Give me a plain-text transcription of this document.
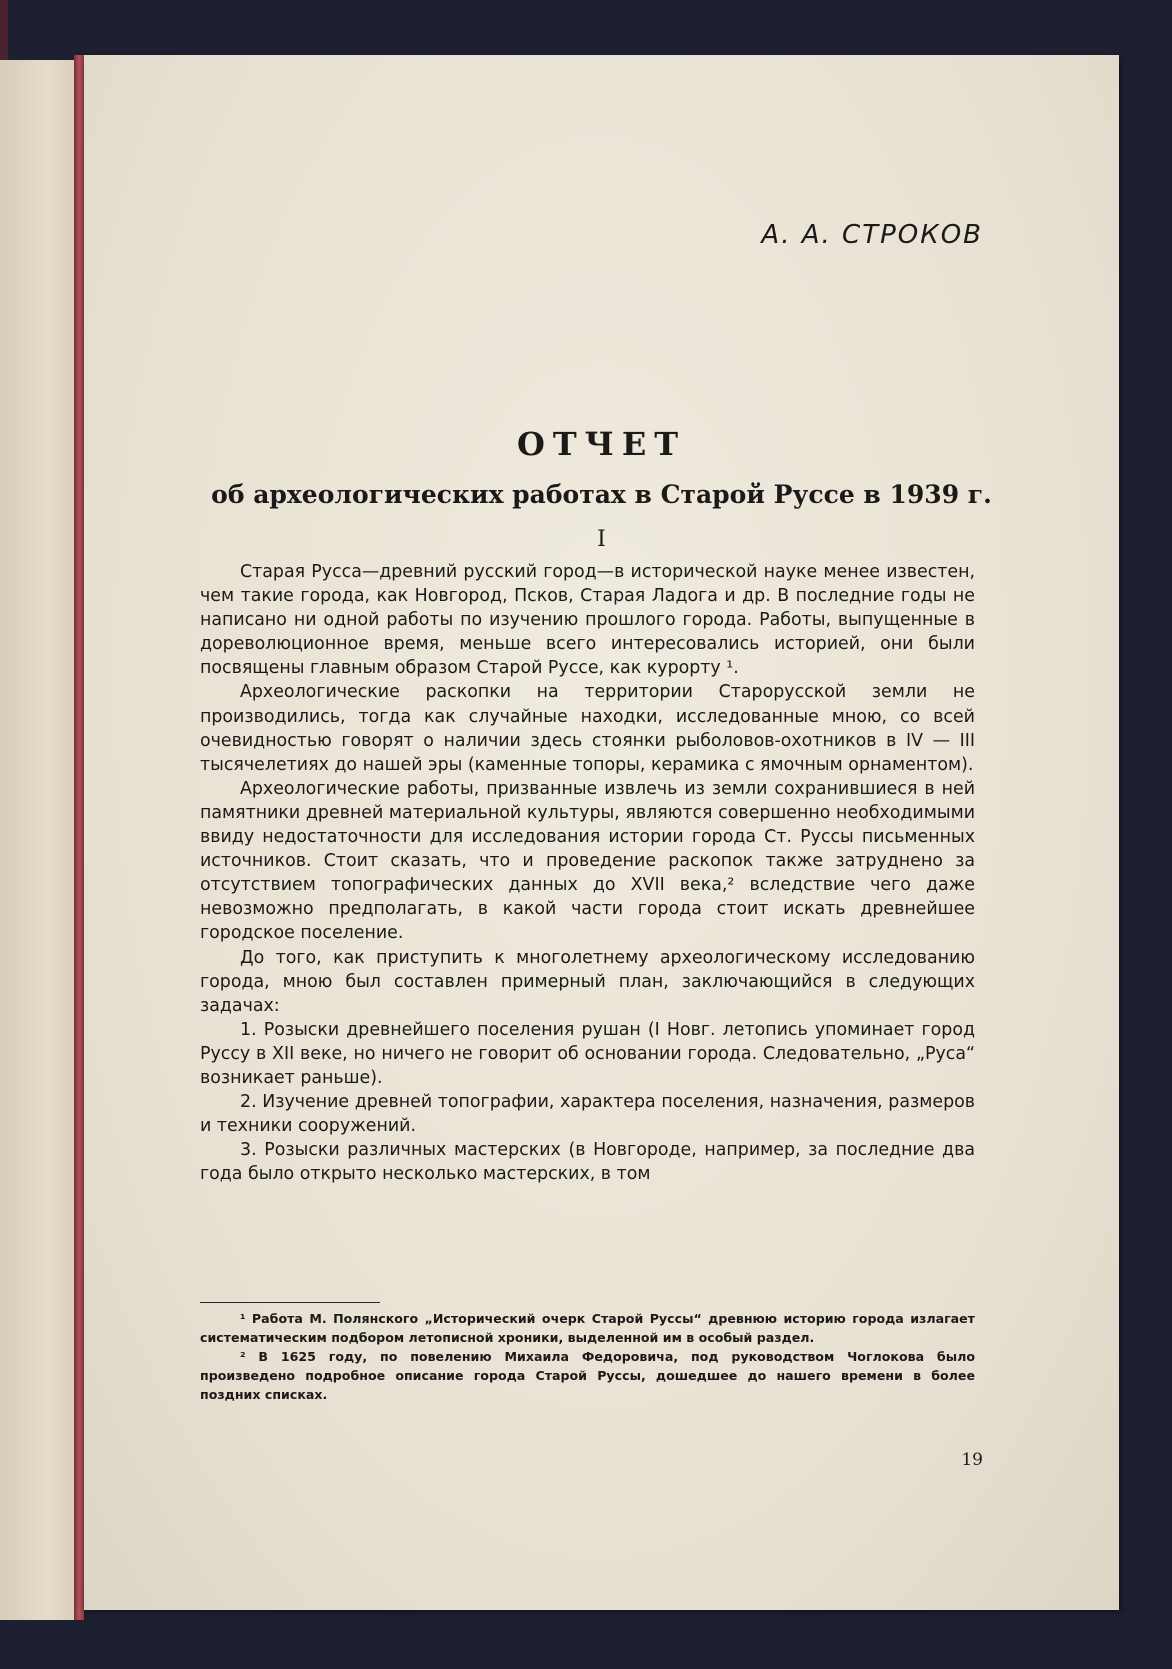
А. А. СТРОКОВ
ОТЧЕТ
об археологических работах в Старой Руссе в 1939 г.
I

Старая Русса—древний русский город—в исторической науке менее известен, чем такие города, как Новгород, Псков, Старая Ладога и др. В последние годы не написано ни одной работы по изучению прошлого города. Работы, выпущенные в дореволюционное время, меньше всего интересовались историей, они были посвящены главным образом Старой Руссе, как курорту ¹.

Археологические раскопки на территории Старорусской земли не производились, тогда как случайные находки, исследованные мною, со всей очевидностью говорят о наличии здесь стоянки рыболовов-охотников в IV — III тысячелетиях до нашей эры (каменные топоры, керамика с ямочным орнаментом).

Археологические работы, призванные извлечь из земли сохранившиеся в ней памятники древней материальной культуры, являются совершенно необходимыми ввиду недостаточности для исследования истории города Ст. Руссы письменных источников. Стоит сказать, что и проведение раскопок также затруднено за отсутствием топографических данных до XVII века,² вследствие чего даже невозможно предполагать, в какой части города стоит искать древнейшее городское поселение.

До того, как приступить к многолетнему археологическому исследованию города, мною был составлен примерный план, заключающийся в следующих задачах:

1. Розыски древнейшего поселения рушан (I Новг. летопись упоминает город Руссу в XII веке, но ничего не говорит об основании города. Следовательно, „Руса“ возникает раньше).

2. Изучение древней топографии, характера поселения, назначения, размеров и техники сооружений.

3. Розыски различных мастерских (в Новгороде, например, за последние два года было открыто несколько мастерских, в том

¹ Работа М. Полянского „Исторический очерк Старой Руссы“ древнюю историю города излагает систематическим подбором летописной хроники, выделенной им в особый раздел.

² В 1625 году, по повелению Михаила Федоровича, под руководством Чоглокова было произведено подробное описание города Старой Руссы, дошедшее до нашего времени в более поздних списках.

19
